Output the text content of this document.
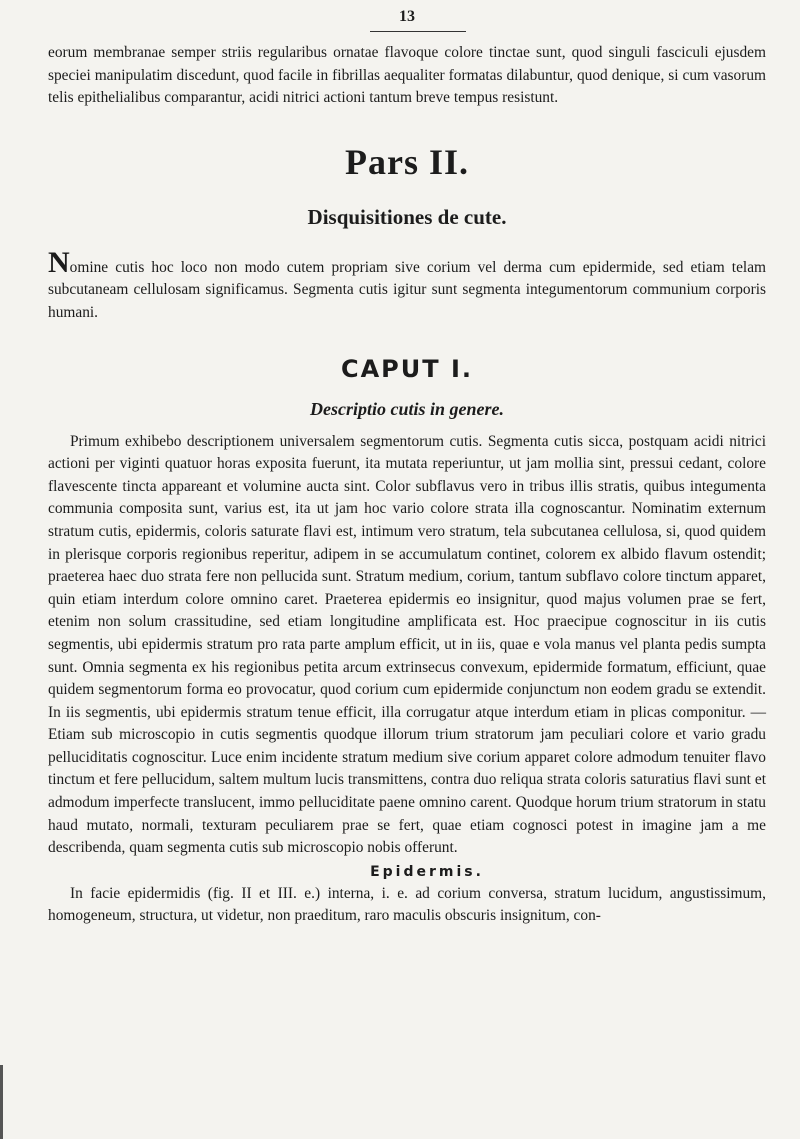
13

eorum membranae semper striis regularibus ornatae flavoque colore tinctae sunt, quod singuli fasciculi ejusdem speciei manipulatim discedunt, quod facile in fibrillas aequaliter formatas dilabuntur, quod denique, si cum vasorum telis epithelialibus comparantur, acidi nitrici actioni tantum breve tempus resistunt.

Pars II.
Disquisitiones de cute.

Nomine cutis hoc loco non modo cutem propriam sive corium vel derma cum epidermide, sed etiam telam subcutaneam cellulosam significamus. Segmenta cutis igitur sunt segmenta integumentorum communium corporis humani.

CAPUT I.
Descriptio cutis in genere.

Primum exhibebo descriptionem universalem segmentorum cutis. Segmenta cutis sicca, postquam acidi nitrici actioni per viginti quatuor horas exposita fuerunt, ita mutata reperiuntur, ut jam mollia sint, pressui cedant, colore flavescente tincta appareant et volumine aucta sint. Color subflavus vero in tribus illis stratis, quibus integumenta communia composita sunt, varius est, ita ut jam hoc vario colore strata illa cognoscantur. Nominatim externum stratum cutis, epidermis, coloris saturate flavi est, intimum vero stratum, tela subcutanea cellulosa, si, quod quidem in plerisque corporis regionibus reperitur, adipem in se accumulatum continet, colorem ex albido flavum ostendit; praeterea haec duo strata fere non pellucida sunt. Stratum medium, corium, tantum subflavo colore tinctum apparet, quin etiam interdum colore omnino caret. Praeterea epidermis eo insignitur, quod majus volumen prae se fert, etenim non solum crassitudine, sed etiam longitudine amplificata est. Hoc praecipue cognoscitur in iis cutis segmentis, ubi epidermis stratum pro rata parte amplum efficit, ut in iis, quae e vola manus vel planta pedis sumpta sunt. Omnia segmenta ex his regionibus petita arcum extrinsecus convexum, epidermide formatum, efficiunt, quae quidem segmentorum forma eo provocatur, quod corium cum epidermide conjunctum non eodem gradu se extendit. In iis segmentis, ubi epidermis stratum tenue efficit, illa corrugatur atque interdum etiam in plicas componitur. — Etiam sub microscopio in cutis segmentis quodque illorum trium stratorum jam peculiari colore et vario gradu pelluciditatis cognoscitur. Luce enim incidente stratum medium sive corium apparet colore admodum tenuiter flavo tinctum et fere pellucidum, saltem multum lucis transmittens, contra duo reliqua strata coloris saturatius flavi sunt et admodum imperfecte translucent, immo pelluciditate paene omnino carent. Quodque horum trium stratorum in statu haud mutato, normali, texturam peculiarem prae se fert, quae etiam cognosci potest in imagine jam a me describenda, quam segmenta cutis sub microscopio nobis offerunt.

Epidermis.

In facie epidermidis (fig. II et III. e.) interna, i. e. ad corium conversa, stratum lucidum, angustissimum, homogeneum, structura, ut videtur, non praeditum, raro maculis obscuris insignitum, con-
